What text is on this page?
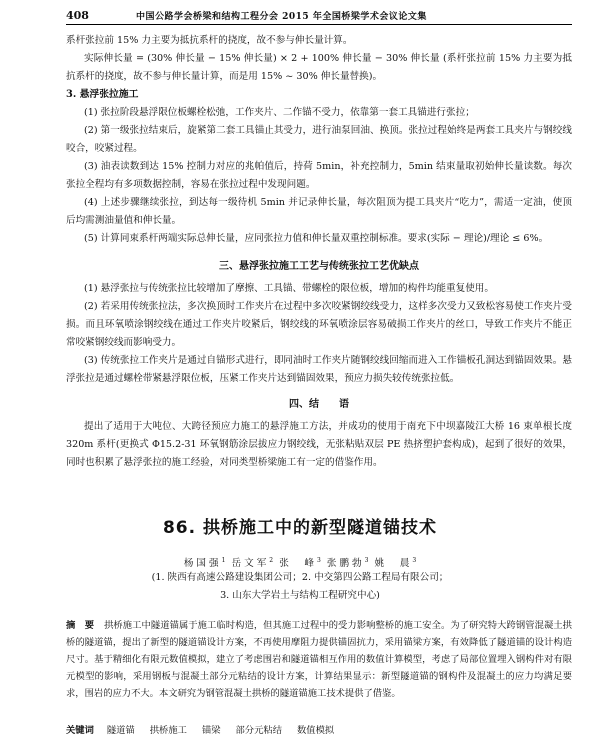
408	中国公路学会桥梁和结构工程分会 2015 年全国桥梁学术会议论文集

系杆张拉前 15% 力主要为抵抗系杆的挠度，故不参与伸长量计算。

实际伸长量 = (30% 伸长量 − 15% 伸长量) × 2 + 100% 伸长量 − 30% 伸长量 (系杆张拉前 15% 力主要为抵抗系杆的挠度，故不参与伸长量计算，而是用 15% ~ 30% 伸长量替换)。

3. 悬浮张拉施工

(1) 张拉阶段悬浮限位板螺栓松弛，工作夹片、二作锚不受力，依靠第一套工具锚进行张拉；

(2) 第一级张拉结束后，旋紧第二套工具锚止其受力，进行油泵回油、换顶。张拉过程始终是两套工具夹片与钢绞线咬合，咬紧过程。

(3) 油表读数到达 15% 控制力对应的兆帕值后，持荷 5min，补充控制力，5min 结束量取初始伸长量读数。每次张拉全程均有多项数据控制，容易在张拉过程中发现问题。

(4) 上述步骤继续张拉，到达每一级待机 5min 并记录伸长量，每次阻顶为提工具夹片“吃力”，需适一定油，使顶后均需测油量值和伸长量。

(5) 计算同束系杆两端实际总伸长量，应同张拉力值和伸长量双重控制标准。要求(实际 − 理论)/理论 ≤ 6%。

三、悬浮张拉施工工艺与传统张拉工艺优缺点

(1) 悬浮张拉与传统张拉比较增加了摩擦、工具锚、带螺栓的限位板，增加的构件均能重复使用。

(2) 若采用传统张拉法，多次换顶时工作夹片在过程中多次咬紧钢绞线受力，这样多次受力又致松容易使工作夹片受损。而且环氧喷涂钢绞线在通过工作夹片咬紧后，钢绞线的环氧喷涂层容易破损工作夹片的丝口，导致工作夹片不能正常咬紧钢绞线而影响受力。

(3) 传统张拉工作夹片是通过自锚形式进行，即同油时工作夹片随钢绞线回缩而进入工作锚板孔洞达到锚固效果。悬浮张拉是通过螺栓带紧悬浮限位板，压紧工作夹片达到锚固效果，预应力损失较传统张拉低。

四、结　　语

提出了适用于大吨位、大跨径预应力施工的悬浮施工方法，并成功的使用于南充下中坝嘉陵江大桥 16 束单根长度 320m 系杆(更换式 Φ15.2-31 环氧钢筋涂层拔应力钢绞线，无张粘贴双层 PE 热挤塑护套构成)，起到了很好的效果，同时也积累了悬浮张拉的施工经验，对同类型桥梁施工有一定的借鉴作用。

86. 拱桥施工中的新型隧道锚技术
杨国强$^1$ 岳文军$^2$ 张　峰$^3$ 张鹏勃$^3$ 姚　晨$^3$
(1. 陕西有高速公路建设集团公司；2. 中交第四公路工程局有限公司；
3. 山东大学岩土与结构工程研究中心)
摘　要 拱桥施工中隧道锚属于施工临时构造，但其施工过程中的受力影响整桥的施工安全。为了研究特大跨钢管混凝土拱桥的隧道锚，提出了新型的隧道锚设计方案，不再使用摩阻力提供锚固抗力，采用锚梁方案，有效降低了隧道锚的设计构造尺寸。基于精细化有限元数值模拟，建立了考虑围岩和隧道锚相互作用的数值计算模型，考虑了局部位置埋入钢构件对有限元模型的影响，采用钢板与混凝土部分元粘结的设计方案，计算结果显示：新型隧道锚的钢构件及混凝土的应力均满足要求，围岩的应力不大。本文研究为钢管混凝土拱桥的隧道锚施工技术提供了借鉴。
关键词 隧道锚 拱桥施工 锚梁 部分元粘结 数值模拟
